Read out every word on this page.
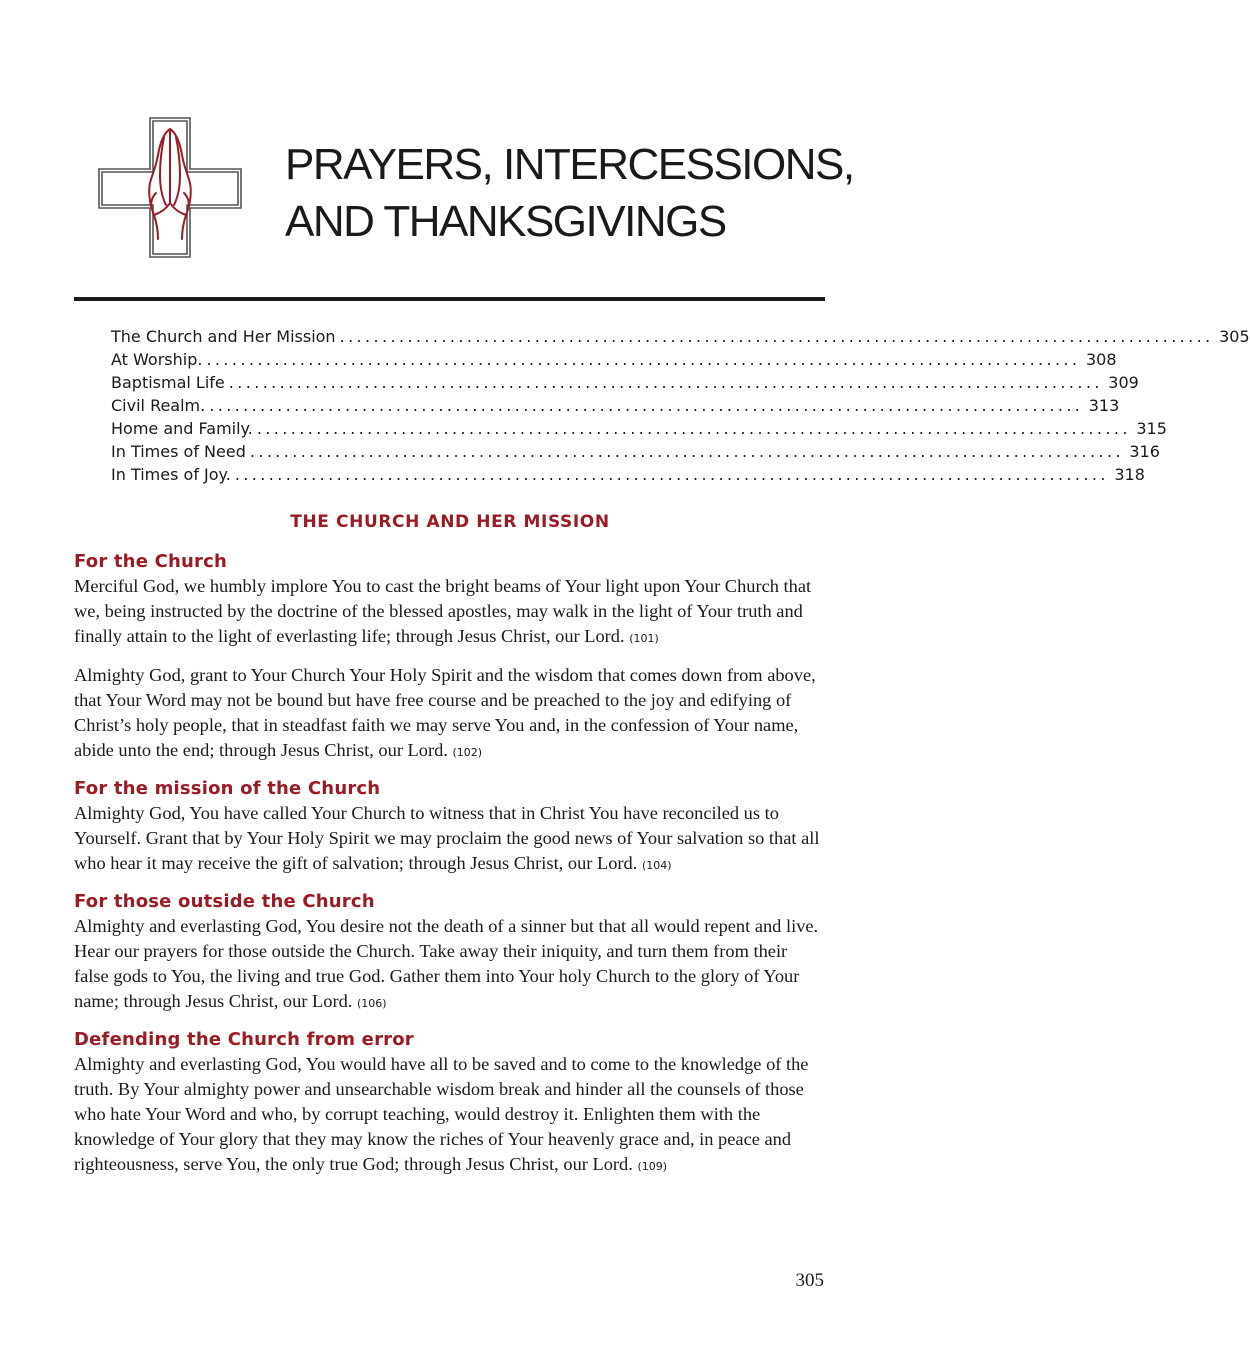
PRAYERS, INTERCESSIONS,
AND THANKSGIVINGS
The Church and Her Mission ....................................................................................................... 305
At Worship. ....................................................................................................... 308
Baptismal Life ....................................................................................................... 309
Civil Realm. ....................................................................................................... 313
Home and Family. ....................................................................................................... 315
In Times of Need ....................................................................................................... 316
In Times of Joy. ....................................................................................................... 318
THE CHURCH AND HER MISSION
For the Church

Merciful God, we humbly implore You to cast the bright beams of Your light upon Your Church that we, being instructed by the doctrine of the blessed apostles, may walk in the light of Your truth and finally attain to the light of everlasting life; through Jesus Christ, our Lord. (101)

Almighty God, grant to Your Church Your Holy Spirit and the wisdom that comes down from above, that Your Word may not be bound but have free course and be preached to the joy and edifying of Christ’s holy people, that in steadfast faith we may serve You and, in the confession of Your name, abide unto the end; through Jesus Christ, our Lord. (102)

For the mission of the Church

Almighty God, You have called Your Church to witness that in Christ You have reconciled us to Yourself. Grant that by Your Holy Spirit we may proclaim the good news of Your salvation so that all who hear it may receive the gift of salvation; through Jesus Christ, our Lord. (104)

For those outside the Church

Almighty and everlasting God, You desire not the death of a sinner but that all would repent and live. Hear our prayers for those outside the Church. Take away their iniquity, and turn them from their false gods to You, the living and true God. Gather them into Your holy Church to the glory of Your name; through Jesus Christ, our Lord. (106)

Defending the Church from error

Almighty and everlasting God, You would have all to be saved and to come to the knowledge of the truth. By Your almighty power and unsearchable wisdom break and hinder all the counsels of those who hate Your Word and who, by corrupt teaching, would destroy it. Enlighten them with the knowledge of Your glory that they may know the riches of Your heavenly grace and, in peace and righteousness, serve You, the only true God; through Jesus Christ, our Lord. (109)

305
